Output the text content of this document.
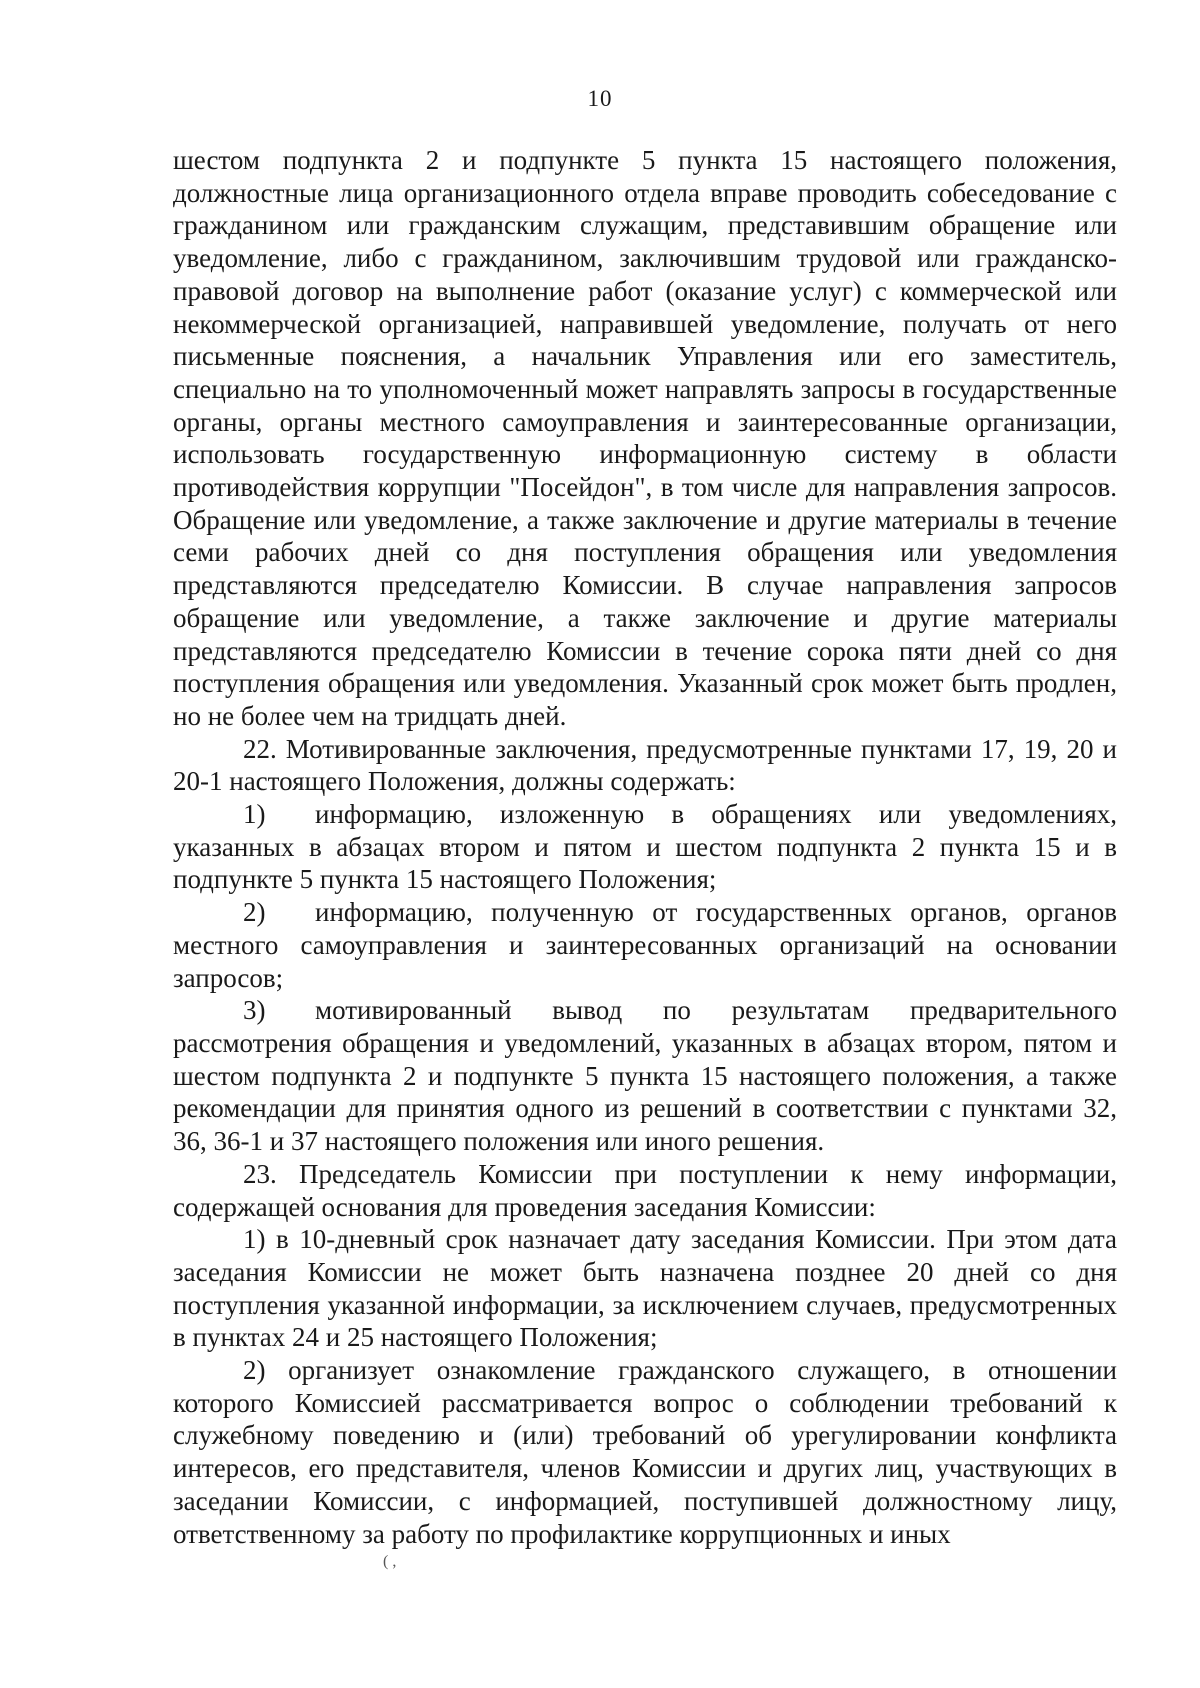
10

шестом подпункта 2 и подпункте 5 пункта 15 настоящего положения, должностные лица организационного отдела вправе проводить собеседование с гражданином или гражданским служащим, представившим обращение или уведомление, либо с гражданином, заключившим трудовой или гражданско-правовой договор на выполнение работ (оказание услуг) с коммерческой или некоммерческой организацией, направившей уведомление, получать от него письменные пояснения, а начальник Управления или его заместитель, специально на то уполномоченный может направлять запросы в государственные органы, органы местного самоуправления и заинтересованные организации, использовать государственную информационную систему в области противодействия коррупции "Посейдон", в том числе для направления запросов. Обращение или уведомление, а также заключение и другие материалы в течение семи рабочих дней со дня поступления обращения или уведомления представляются председателю Комиссии. В случае направления запросов обращение или уведомление, а также заключение и другие материалы представляются председателю Комиссии в течение сорока пяти дней со дня поступления обращения или уведомления. Указанный срок может быть продлен, но не более чем на тридцать дней.

22. Мотивированные заключения, предусмотренные пунктами 17, 19, 20 и 20-1 настоящего Положения, должны содержать:

1) информацию, изложенную в обращениях или уведомлениях, указанных в абзацах втором и пятом и шестом подпункта 2 пункта 15 и в подпункте 5 пункта 15 настоящего Положения;

2) информацию, полученную от государственных органов, органов местного самоуправления и заинтересованных организаций на основании запросов;

3) мотивированный вывод по результатам предварительного рассмотрения обращения и уведомлений, указанных в абзацах втором, пятом и шестом подпункта 2 и подпункте 5 пункта 15 настоящего положения, а также рекомендации для принятия одного из решений в соответствии с пунктами 32, 36, 36-1 и 37 настоящего положения или иного решения.

23. Председатель Комиссии при поступлении к нему информации, содержащей основания для проведения заседания Комиссии:

1) в 10-дневный срок назначает дату заседания Комиссии. При этом дата заседания Комиссии не может быть назначена позднее 20 дней со дня поступления указанной информации, за исключением случаев, предусмотренных в пунктах 24 и 25 настоящего Положения;

2) организует ознакомление гражданского служащего, в отношении которого Комиссией рассматривается вопрос о соблюдении требований к служебному поведению и (или) требований об урегулировании конфликта интересов, его представителя, членов Комиссии и других лиц, участвующих в заседании Комиссии, с информацией, поступившей должностному лицу, ответственному за работу по профилактике коррупционных и иных

( ,
